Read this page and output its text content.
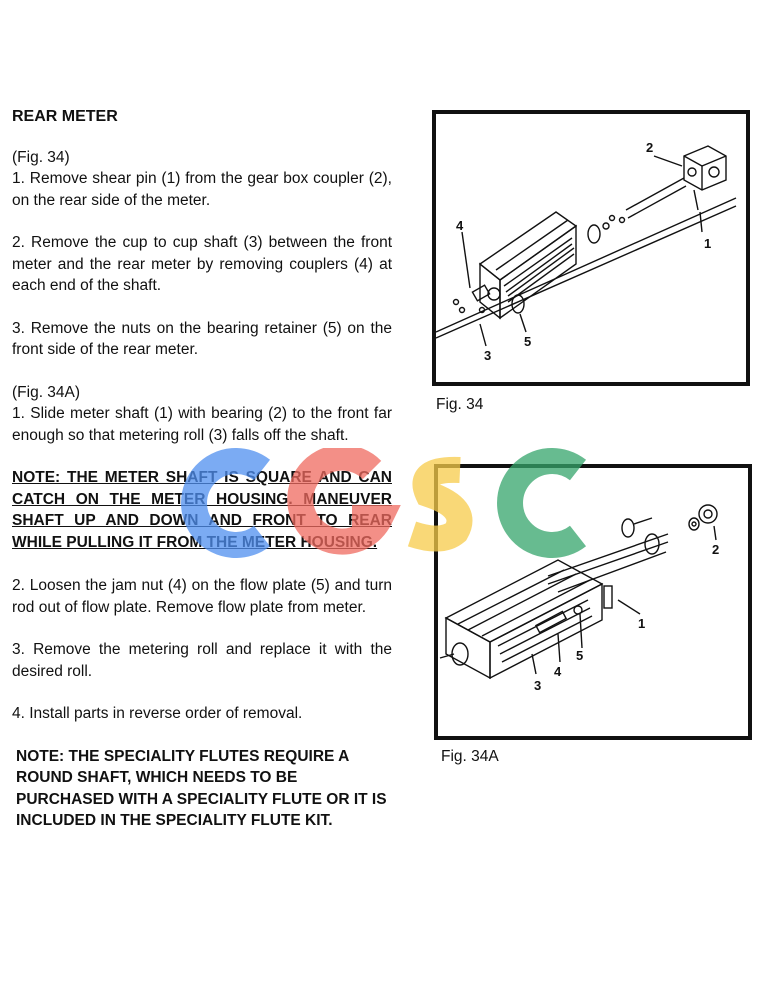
REAR METER

(Fig. 34)

1. Remove shear pin (1) from the gear box coupler (2), on the rear side of the meter.

2. Remove the cup to cup shaft (3) between the front meter and the rear meter by removing couplers (4) at each end of the shaft.

3. Remove the nuts on the bearing retainer (5) on the front side of the rear meter.

(Fig. 34A)

1. Slide meter shaft (1) with bearing (2) to the front far enough so that metering roll (3) falls off the shaft.

NOTE: THE METER SHAFT IS SQUARE AND CAN CATCH ON THE METER HOUSING. MANEUVER SHAFT UP AND DOWN AND FRONT TO REAR WHILE PULLING IT FROM THE METER HOUSING.

2. Loosen the jam nut (4) on the flow plate (5) and turn rod out of flow plate. Remove flow plate from meter.

3. Remove the metering roll and replace it with the desired roll.

4. Install parts in reverse order of removal.

NOTE: THE SPECIALITY FLUTES REQUIRE A ROUND SHAFT, WHICH NEEDS TO BE PURCHASED WITH A SPECIALITY FLUTE OR IT IS INCLUDED IN THE SPECIALITY FLUTE KIT.
1
2
3
4
5
Fig. 34
1
2
3
4
5
Fig. 34A
